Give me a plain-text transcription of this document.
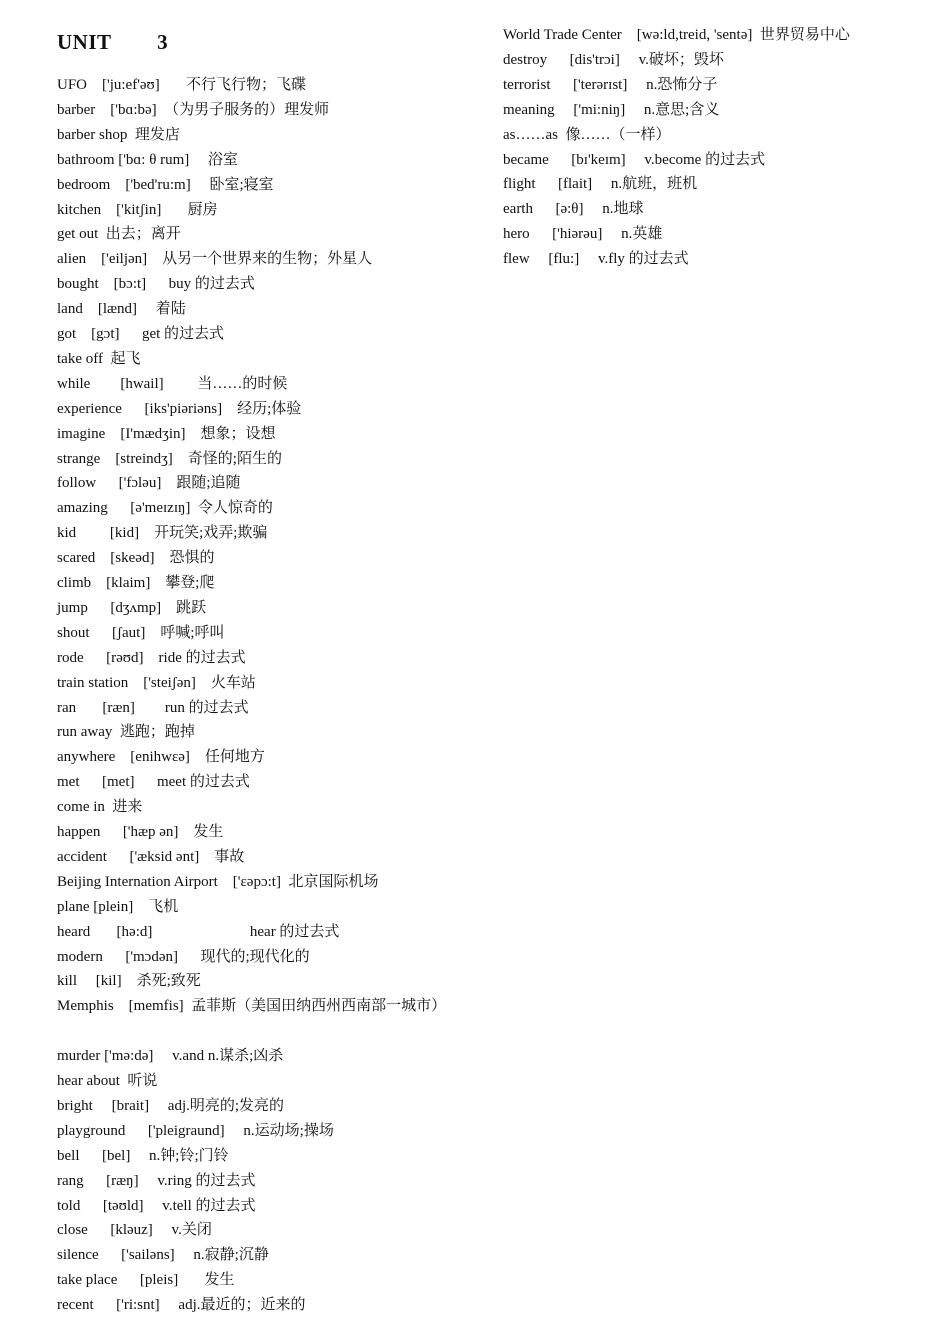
UNIT        3
UFO    ['ju:ef'əʊ]       不行飞行物；飞碟
barber    ['bɑ:bə]  （为男子服务的）理发师
barber shop  理发店
bathroom ['bɑ: θ rum]     浴室
bedroom    ['bed'ru:m]     卧室;寝室
kitchen    ['kitʃin]       厨房
get out  出去；离开
alien    ['eiljən]    从另一个世界来的生物；外星人
bought    [bɔ:t]      buy 的过去式
land    [lænd]     着陆
got    [gɔt]      get 的过去式
take off  起飞
while        [hwail]         当……的时候
experience      [iks'piəriəns]    经历;体验
imagine    [I'mædʒin]    想象；设想
strange    [streindʒ]    奇怪的;陌生的
follow      ['fɔləu]    跟随;追随
amazing      [ə'meɪzɪŋ]  令人惊奇的
kid         [kid]    开玩笑;戏弄;欺骗
scared    [skeəd]    恐惧的
climb    [klaim]    攀登;爬
jump      [dʒʌmp]    跳跃
shout      [ʃaut]    呼喊;呼叫
rode      [rəʊd]    ride 的过去式
train station    ['steiʃən]    火车站
ran       [ræn]        run 的过去式
run away  逃跑；跑掉
anywhere    [enihwɛə]    任何地方
met      [met]      meet 的过去式
come in  进来
happen      ['hæp ən]    发生
accident      ['æksid ənt]    事故
Beijing Internation Airport    ['ɛəpɔ:t]  北京国际机场
plane [plein]    飞机
heard       [hə:d]                          hear 的过去式
modern      ['mɔdən]      现代的;现代化的
kill     [kil]    杀死;致死
Memphis    [memfis]  孟菲斯（美国田纳西州西南部一城市）
murder ['mə:də]     v.and n.谋杀;凶杀
hear about  听说
bright     [brait]     adj.明亮的;发亮的
playground      ['pleigraund]     n.运动场;操场
bell      [bel]     n.钟;铃;门铃
rang      [ræŋ]     v.ring 的过去式
told      [təʊld]     v.tell 的过去式
close      [kləuz]     v.关闭
silence      ['sailəns]     n.寂静;沉静
take place      [pleis]       发生
recent      ['ri:snt]     adj.最近的；近来的
World Trade Center    [wə:ld,treid, 'sentə]  世界贸易中心
destroy      [dis'trɔi]     v.破坏；毁坏
terrorist      ['terərɪst]     n.恐怖分子
meaning     ['mi:niŋ]     n.意思;含义
as……as  像……（一样）
became      [bɪ'keɪm]     v.become 的过去式
flight      [flait]     n.航班，班机
earth      [ə:θ]     n.地球
hero      ['hiərəu]     n.英雄
flew     [flu:]     v.fly 的过去式
